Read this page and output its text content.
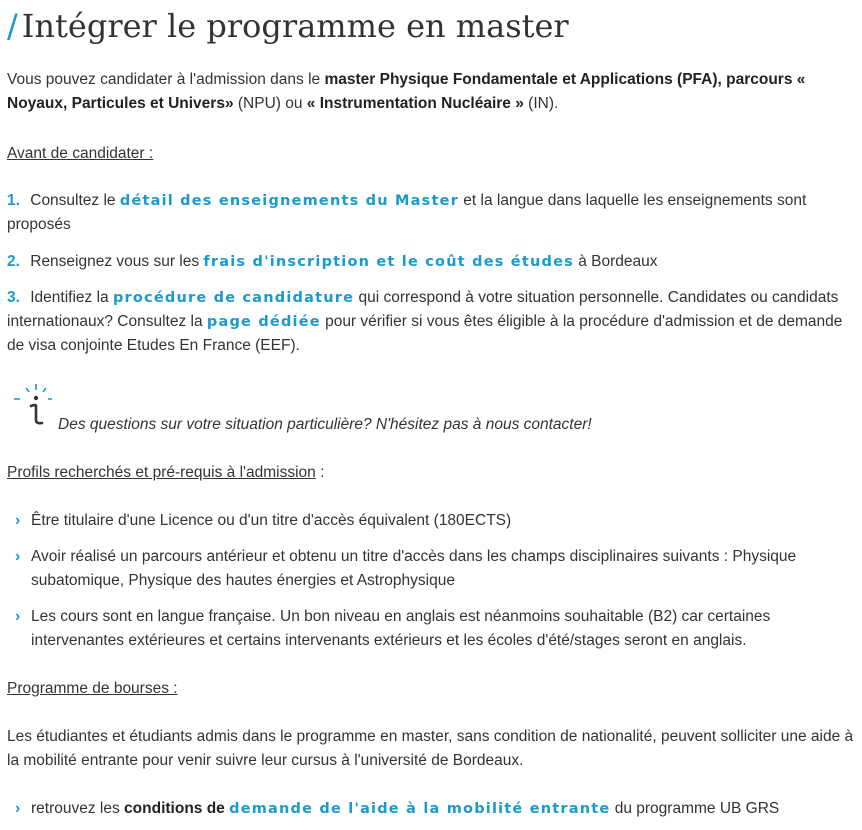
/ Intégrer le programme en master

Vous pouvez candidater à l'admission dans le master Physique Fondamentale et Applications (PFA), parcours « Noyaux, Particules et Univers» (NPU) ou « Instrumentation Nucléaire » (IN).

Avant de candidater :

1. Consultez le détail des enseignements du Master et la langue dans laquelle les enseignements sont proposés

2. Renseignez vous sur les frais d'inscription et le coût des études à Bordeaux

3. Identifiez la procédure de candidature qui correspond à votre situation personnelle. Candidates ou candidats internationaux? Consultez la page dédiée pour vérifier si vous êtes éligible à la procédure d'admission et de demande de visa conjointe Etudes En France (EEF).

Des questions sur votre situation particulière? N'hésitez pas à nous contacter!

Profils recherchés et pré-requis à l'admission :

› Être titulaire d'une Licence ou d'un titre d'accès équivalent (180ECTS)
› Avoir réalisé un parcours antérieur et obtenu un titre d'accès dans les champs disciplinaires suivants : Physique subatomique, Physique des hautes énergies et Astrophysique
› Les cours sont en langue française. Un bon niveau en anglais est néanmoins souhaitable (B2) car certaines intervenantes extérieures et certains intervenants extérieurs et les écoles d'été/stages seront en anglais.

Programme de bourses :

Les étudiantes et étudiants admis dans le programme en master, sans condition de nationalité, peuvent solliciter une aide à la mobilité entrante pour venir suivre leur cursus à l'université de Bordeaux.

› retrouvez les conditions de demande de l'aide à la mobilité entrante du programme UB GRS
